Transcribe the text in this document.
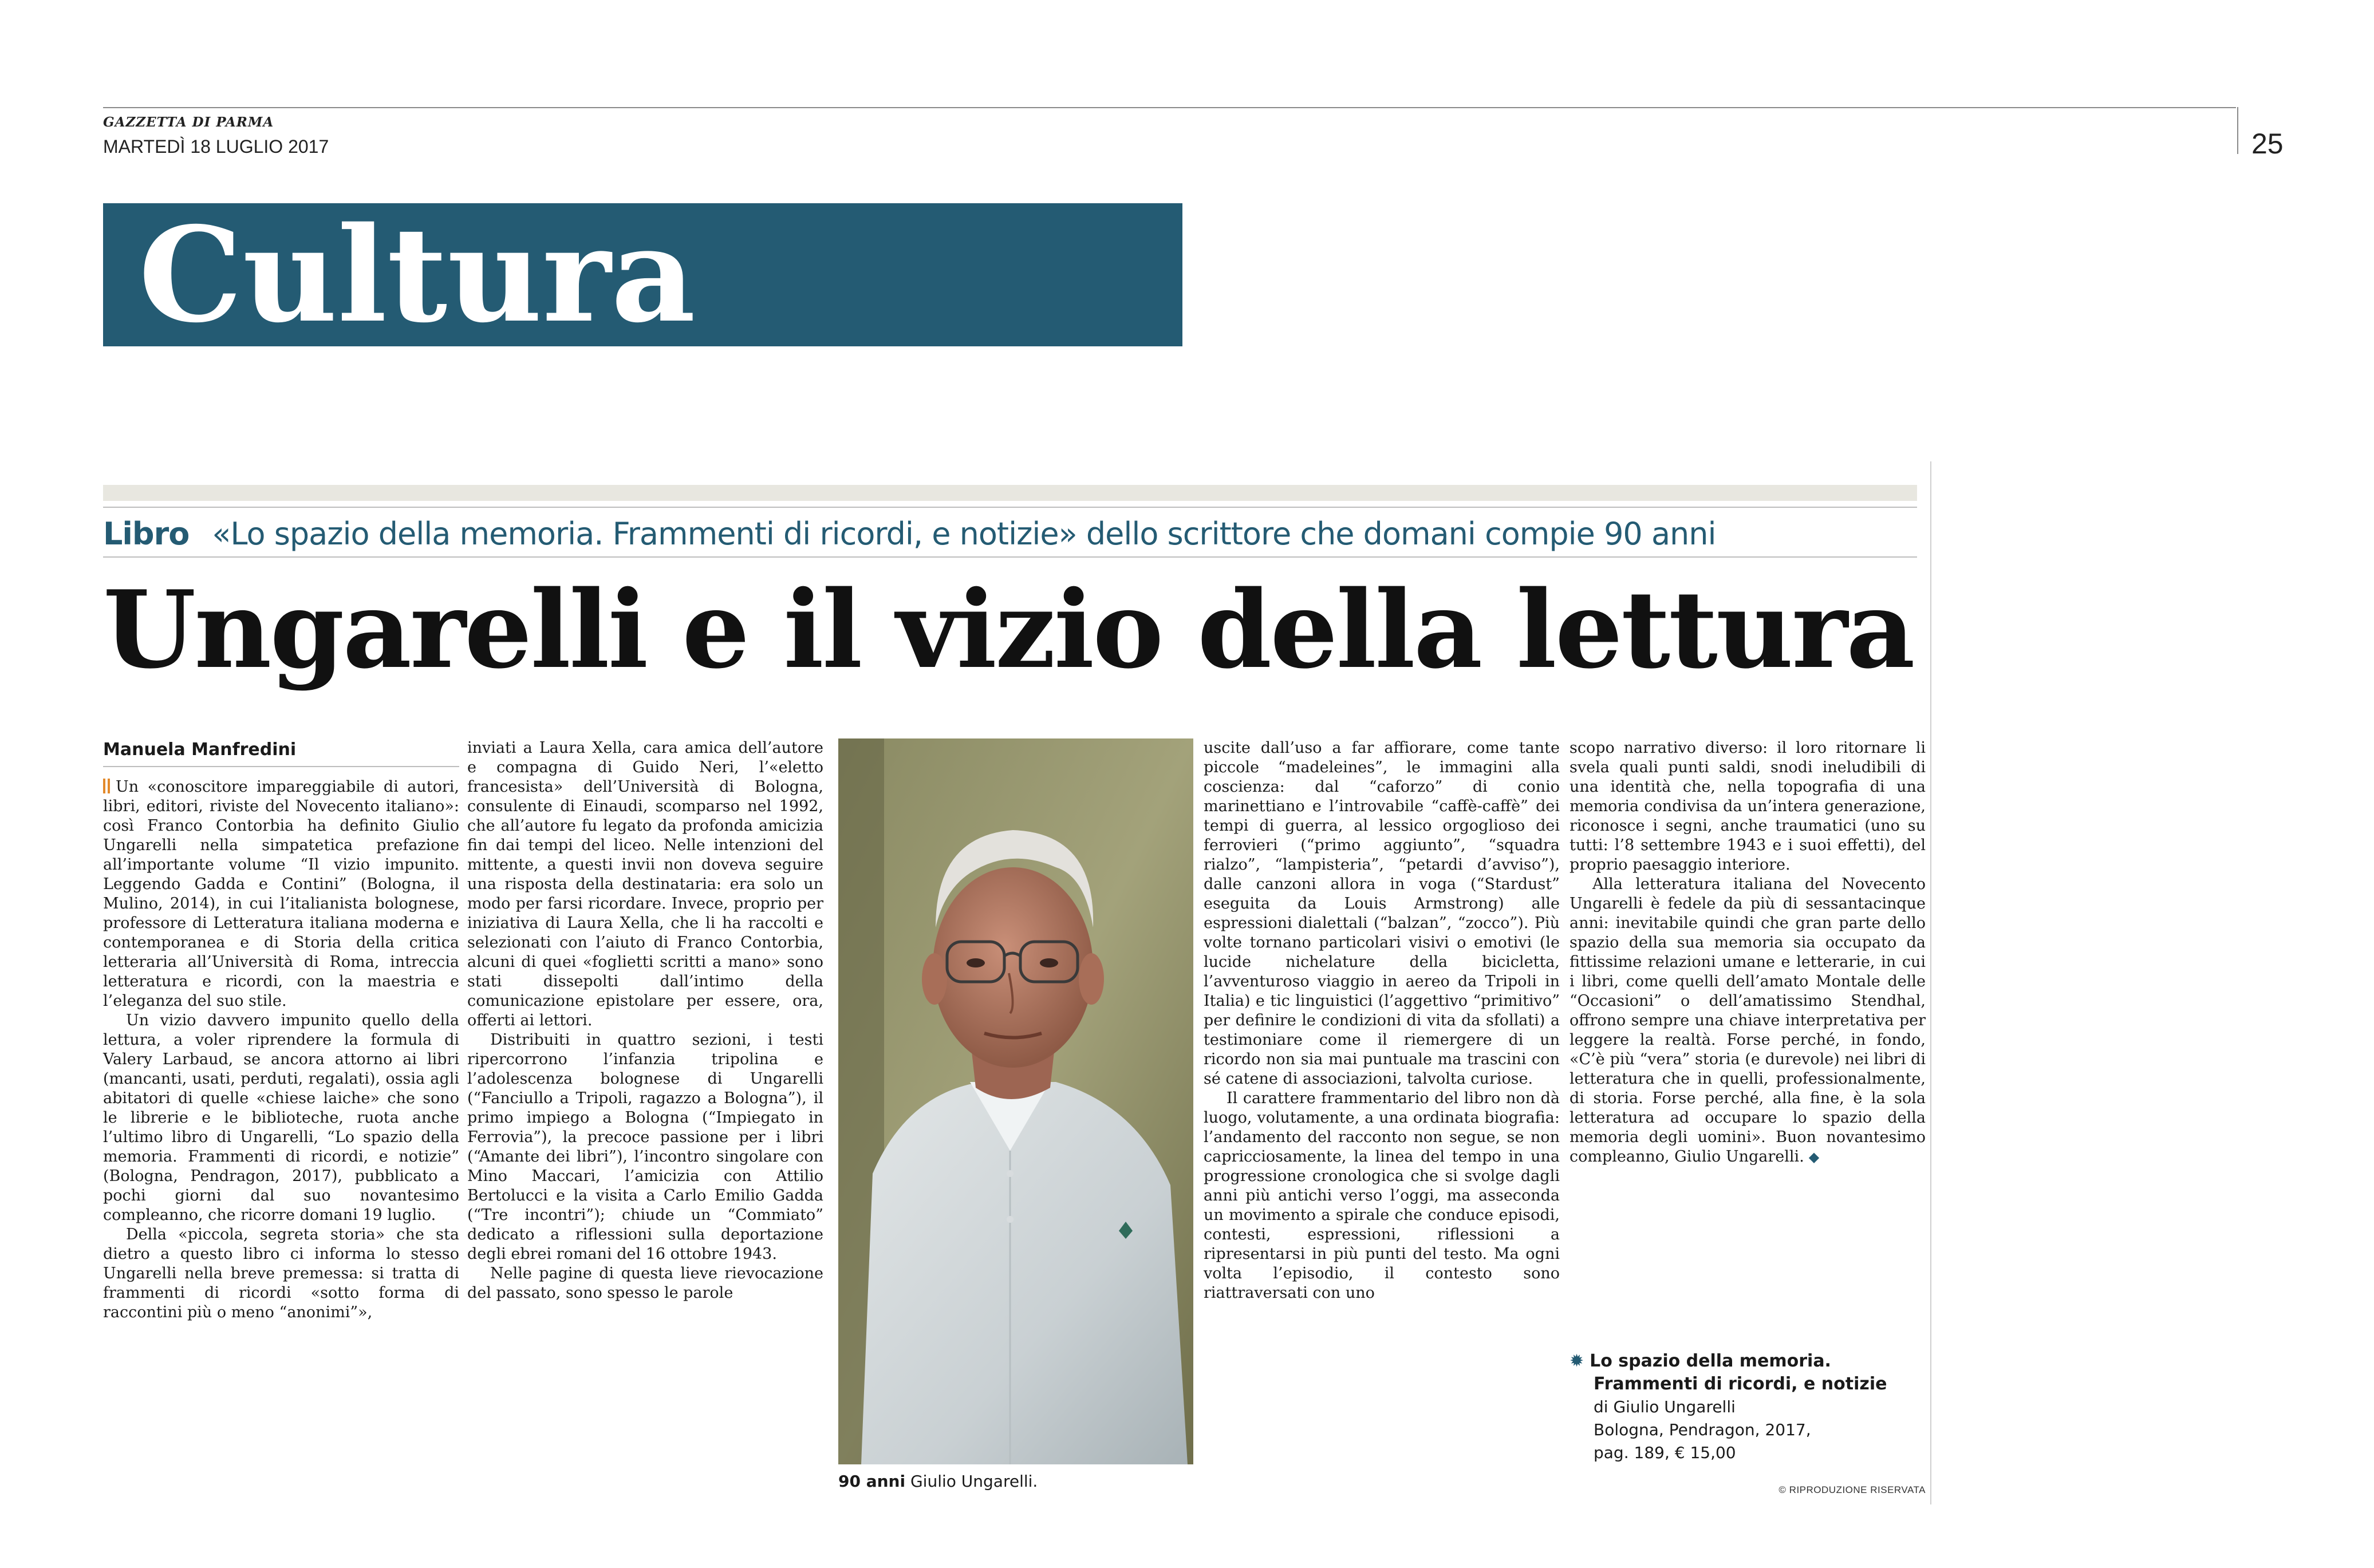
GAZZETTA DI PARMA
MARTEDÌ 18 LUGLIO 2017	25
Cultura
Libro «Lo spazio della memoria. Frammenti di ricordi, e notizie» dello scrittore che domani compie 90 anni
Ungarelli e il vizio della lettura
Manuela Manfredini

Un «conoscitore impareggiabile di autori, libri, editori, riviste del Novecento italiano»: così Franco Contorbia ha definito Giulio Ungarelli nella simpatetica prefazione all’importante volume “Il vizio impunito. Leggendo Gadda e Contini” (Bologna, il Mulino, 2014), in cui l’italianista bolognese, professore di Letteratura italiana moderna e contemporanea e di Storia della critica letteraria all’Università di Roma, intreccia letteratura e ricordi, con la maestria e l’eleganza del suo stile.

Un vizio davvero impunito quello della lettura, a voler riprendere la formula di Valery Larbaud, se ancora attorno ai libri (mancanti, usati, perduti, regalati), ossia agli abitatori di quelle «chiese laiche» che sono le librerie e le biblioteche, ruota anche l’ultimo libro di Ungarelli, “Lo spazio della memoria. Frammenti di ricordi, e notizie” (Bologna, Pendragon, 2017), pubblicato a pochi giorni dal suo novantesimo compleanno, che ricorre domani 19 luglio.

Della «piccola, segreta storia» che sta dietro a questo libro ci informa lo stesso Ungarelli nella breve premessa: si tratta di frammenti di ricordi «sotto forma di raccontini più o meno “anonimi”»,

inviati a Laura Xella, cara amica dell’autore e compagna di Guido Neri, l’«eletto francesista» dell’Università di Bologna, consulente di Einaudi, scomparso nel 1992, che all’autore fu legato da profonda amicizia fin dai tempi del liceo. Nelle intenzioni del mittente, a questi invii non doveva seguire una risposta della destinataria: era solo un modo per farsi ricordare. Invece, proprio per iniziativa di Laura Xella, che li ha raccolti e selezionati con l’aiuto di Franco Contorbia, alcuni di quei «foglietti scritti a mano» sono stati dissepolti dall’intimo della comunicazione epistolare per essere, ora, offerti ai lettori.

Distribuiti in quattro sezioni, i testi ripercorrono l’infanzia tripolina e l’adolescenza bolognese di Ungarelli (“Fanciullo a Tripoli, ragazzo a Bologna”), il primo impiego a Bologna (“Impiegato in Ferrovia”), la precoce passione per i libri (“Amante dei libri”), l’incontro singolare con Mino Maccari, l’amicizia con Attilio Bertolucci e la visita a Carlo Emilio Gadda (“Tre incontri”); chiude un “Commiato” dedicato a riflessioni sulla deportazione degli ebrei romani del 16 ottobre 1943.

Nelle pagine di questa lieve rievocazione del passato, sono spesso le parole

90 anni Giulio Ungarelli.

uscite dall’uso a far affiorare, come tante piccole “madeleines”, le immagini alla coscienza: dal “caforzo” di conio marinettiano e l’introvabile “caffè-caffè” dei tempi di guerra, al lessico orgoglioso dei ferrovieri (“primo aggiunto”, “squadra rialzo”, “lampisteria”, “petardi d’avviso”), dalle canzoni allora in voga (“Stardust” eseguita da Louis Armstrong) alle espressioni dialettali (“balzan”, “zocco”). Più volte tornano particolari visivi o emotivi (le lucide nichelature della bicicletta, l’avventuroso viaggio in aereo da Tripoli in Italia) e tic linguistici (l’aggettivo “primitivo” per definire le condizioni di vita da sfollati) a testimoniare come il riemergere di un ricordo non sia mai puntuale ma trascini con sé catene di associazioni, talvolta curiose.

Il carattere frammentario del libro non dà luogo, volutamente, a una ordinata biografia: l’andamento del racconto non segue, se non capricciosamente, la linea del tempo in una progressione cronologica che si svolge dagli anni più antichi verso l’oggi, ma asseconda un movimento a spirale che conduce episodi, contesti, espressioni, riflessioni a ripresentarsi in più punti del testo. Ma ogni volta l’episodio, il contesto sono riattraversati con uno

scopo narrativo diverso: il loro ritornare li svela quali punti saldi, snodi ineludibili di una identità che, nella topografia di una memoria condivisa da un’intera generazione, riconosce i segni, anche traumatici (uno su tutti: l’8 settembre 1943 e i suoi effetti), del proprio paesaggio interiore.

Alla letteratura italiana del Novecento Ungarelli è fedele da più di sessantacinque anni: inevitabile quindi che gran parte dello spazio della sua memoria sia occupato da fittissime relazioni umane e letterarie, in cui i libri, come quelli dell’amato Montale delle “Occasioni” o dell’amatissimo Stendhal, offrono sempre una chiave interpretativa per leggere la realtà. Forse perché, in fondo, «C’è più “vera” storia (e durevole) nei libri di letteratura che in quelli, professionalmente, di storia. Forse perché, alla fine, è la sola letteratura ad occupare lo spazio della memoria degli uomini». Buon novantesimo compleanno, Giulio Ungarelli. ◆

✹ Lo spazio della memoria.
Frammenti di ricordi, e notizie
di Giulio Ungarelli
Bologna, Pendragon, 2017,
pag. 189, € 15,00
© RIPRODUZIONE RISERVATA
